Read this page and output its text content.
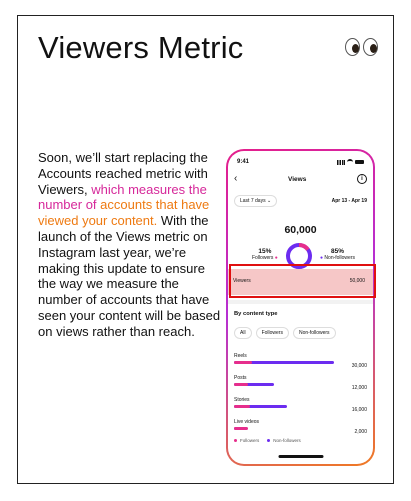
Viewers Metric
Soon, we’ll start replacing the Accounts reached metric with Viewers, which measures the number of accounts that have viewed your content. With the launch of the Views metric on Instagram last year, we’re making this update to ensure the way we measure the number of accounts that have seen your content will be based on views rather than reach.
9:41
‹	Views	i
Last 7 days ⌄	Apr 13 - Apr 19
60,000
15%
Followers ●
85%
● Non-followers
Viewers	50,000
By content type
All	Followers	Non-followers
Reels
30,000
Posts
12,000
Stories
16,000
Live videos
2,000
Followers	Non-followers
